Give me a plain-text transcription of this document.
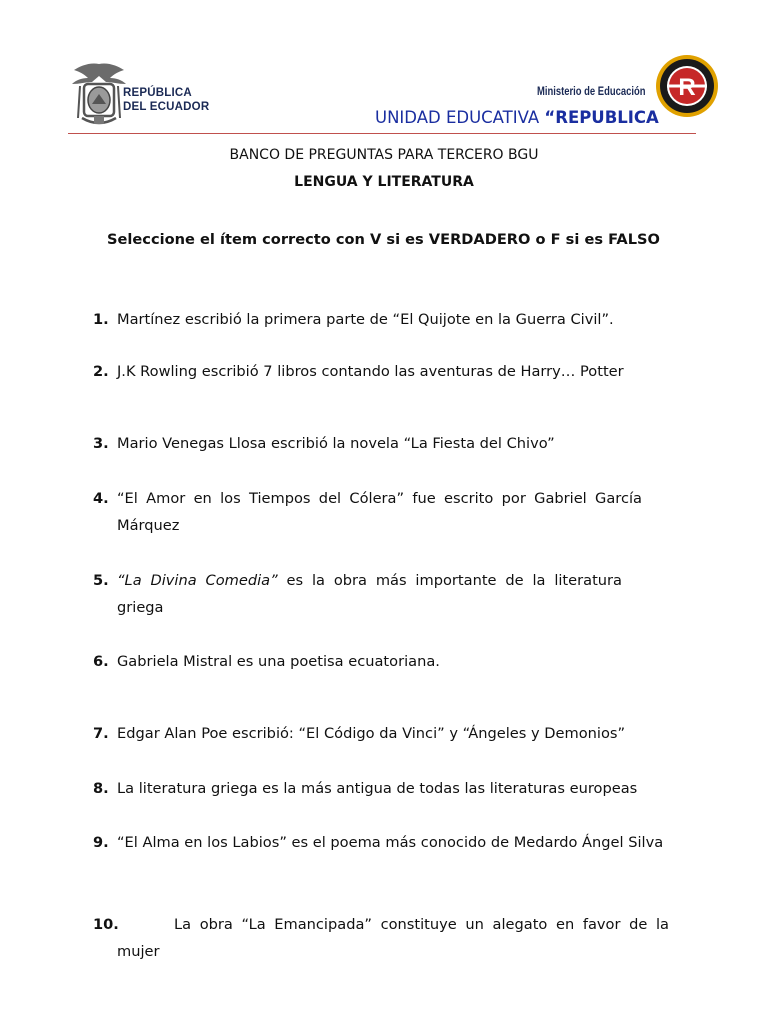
REPÚBLICA
DEL ECUADOR
Ministerio de Educación R
UNIDAD EDUCATIVA “REPUBLICA
BANCO DE PREGUNTAS PARA TERCERO BGU
LENGUA Y LITERATURA
Seleccione el ítem correcto con V si es VERDADERO o F si es FALSO
1. Martínez escribió la primera parte de “El Quijote en la Guerra Civil”.
2. J.K Rowling escribió 7 libros contando las aventuras de Harry… Potter
3. Mario Venegas Llosa escribió la novela “La Fiesta del Chivo”
4. “El Amor en los Tiempos del Cólera” fue escrito por Gabriel García Márquez
5. “La Divina Comedia” es la obra más importante de la literatura griega
6. Gabriela Mistral es una poetisa ecuatoriana.
7. Edgar Alan Poe escribió: “El Código da Vinci” y “Ángeles y Demonios”
8. La literatura griega es la más antigua de todas las literaturas europeas
9. “El Alma en los Labios” es el poema más conocido de Medardo Ángel Silva
10.	La obra “La Emancipada” constituye un alegato en favor de la mujer
